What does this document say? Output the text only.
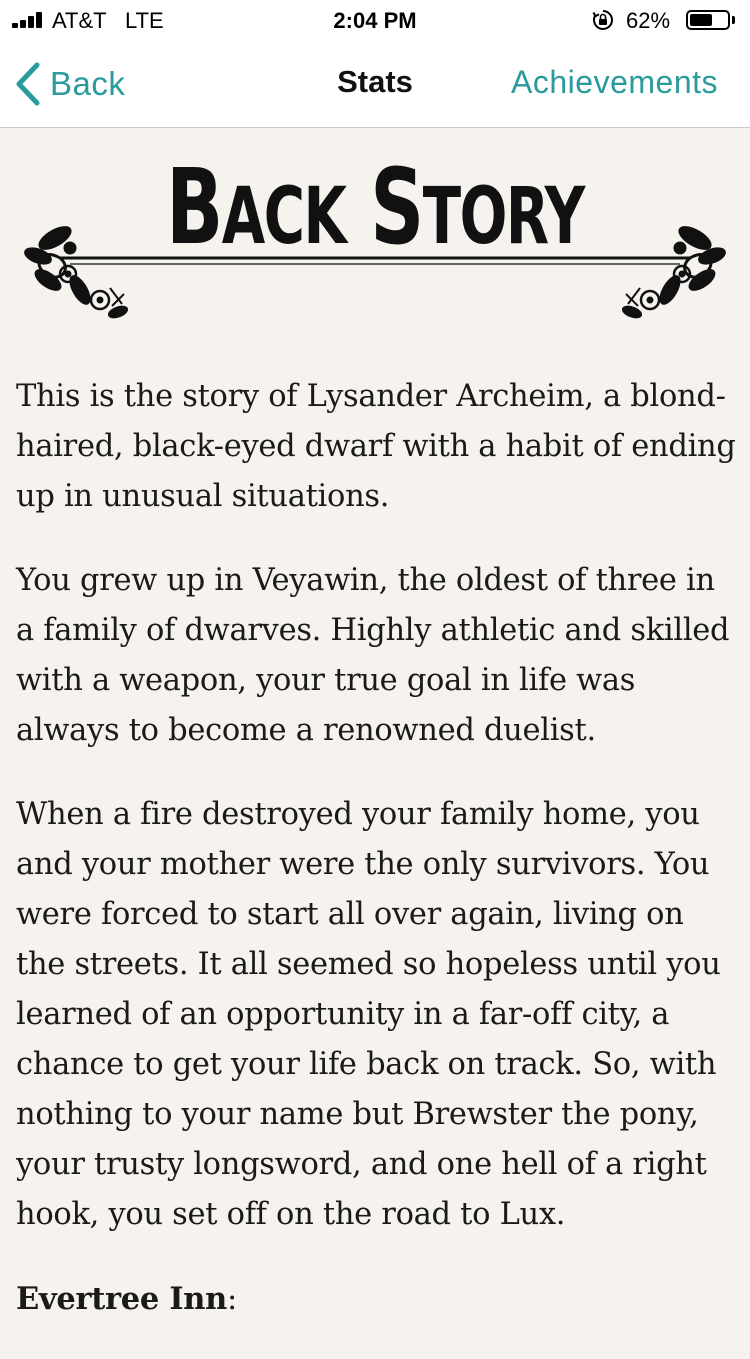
AT&T LTE	2:04 PM	62%
Back	Stats	Achievements
BACK STORY

This is the story of Lysander Archeim, a blond-haired, black-eyed dwarf with a habit of ending up in unusual situations.

You grew up in Veyawin, the oldest of three in a family of dwarves. Highly athletic and skilled with a weapon, your true goal in life was always to become a renowned duelist.

When a fire destroyed your family home, you and your mother were the only survivors. You were forced to start all over again, living on the streets. It all seemed so hopeless until you learned of an opportunity in a far-off city, a chance to get your life back on track. So, with nothing to your name but Brewster the pony, your trusty longsword, and one hell of a right hook, you set off on the road to Lux.

Evertree Inn:
